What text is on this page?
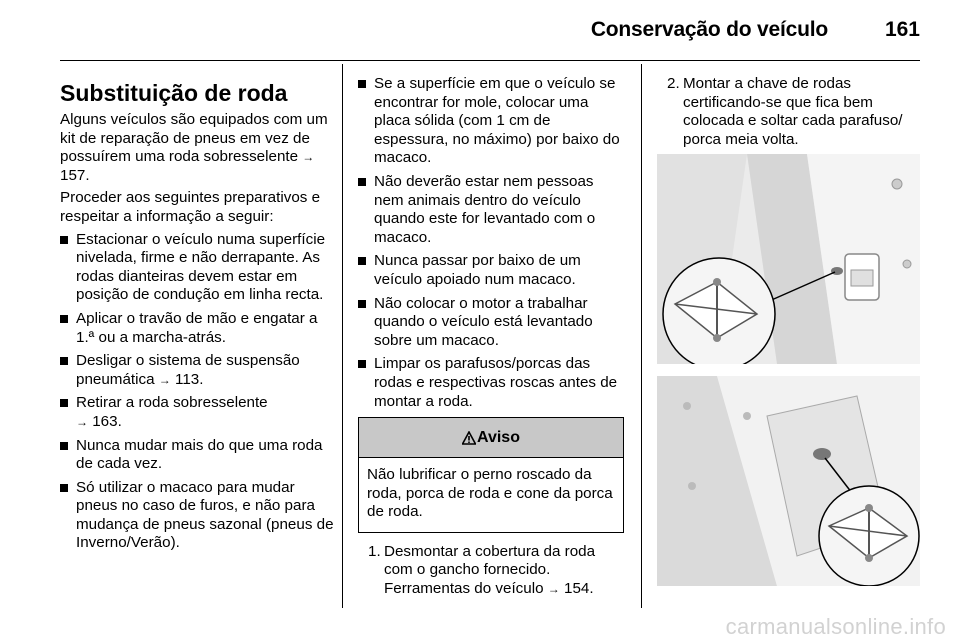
Conservação do veículo	161
Substituição de roda

Alguns veículos são equipados com um kit de reparação de pneus em vez de possuírem uma roda sobresselente → 157.

Proceder aos seguintes preparativos e respeitar a informação a seguir:

Estacionar o veículo numa superfície nivelada, firme e não derrapante. As rodas dianteiras devem estar em posição de condução em linha recta.
Aplicar o travão de mão e engatar a 1.ª ou a marcha-atrás.
Desligar o sistema de suspensão pneumática → 113.
Retirar a roda sobresselente
→ 163.
Nunca mudar mais do que uma roda de cada vez.
Só utilizar o macaco para mudar pneus no caso de furos, e não para mudança de pneus sazonal (pneus de Inverno/Verão).
Se a superfície em que o veículo se encontrar for mole, colocar uma placa sólida (com 1 cm de espessura, no máximo) por baixo do macaco.
Não deverão estar nem pessoas nem animais dentro do veículo quando este for levantado com o macaco.
Nunca passar por baixo de um veículo apoiado num macaco.
Não colocar o motor a trabalhar quando o veículo está levantado sobre um macaco.
Limpar os parafusos/porcas das rodas e respectivas roscas antes de montar a roda.
Aviso
Não lubrificar o perno roscado da roda, porca de roda e cone da porca de roda.
1. Desmontar a cobertura da roda com o gancho fornecido. Ferramentas do veículo → 154.
2. Montar a chave de rodas certificando-se que fica bem colocada e soltar cada parafuso/ porca meia volta.
carmanualsonline.info
